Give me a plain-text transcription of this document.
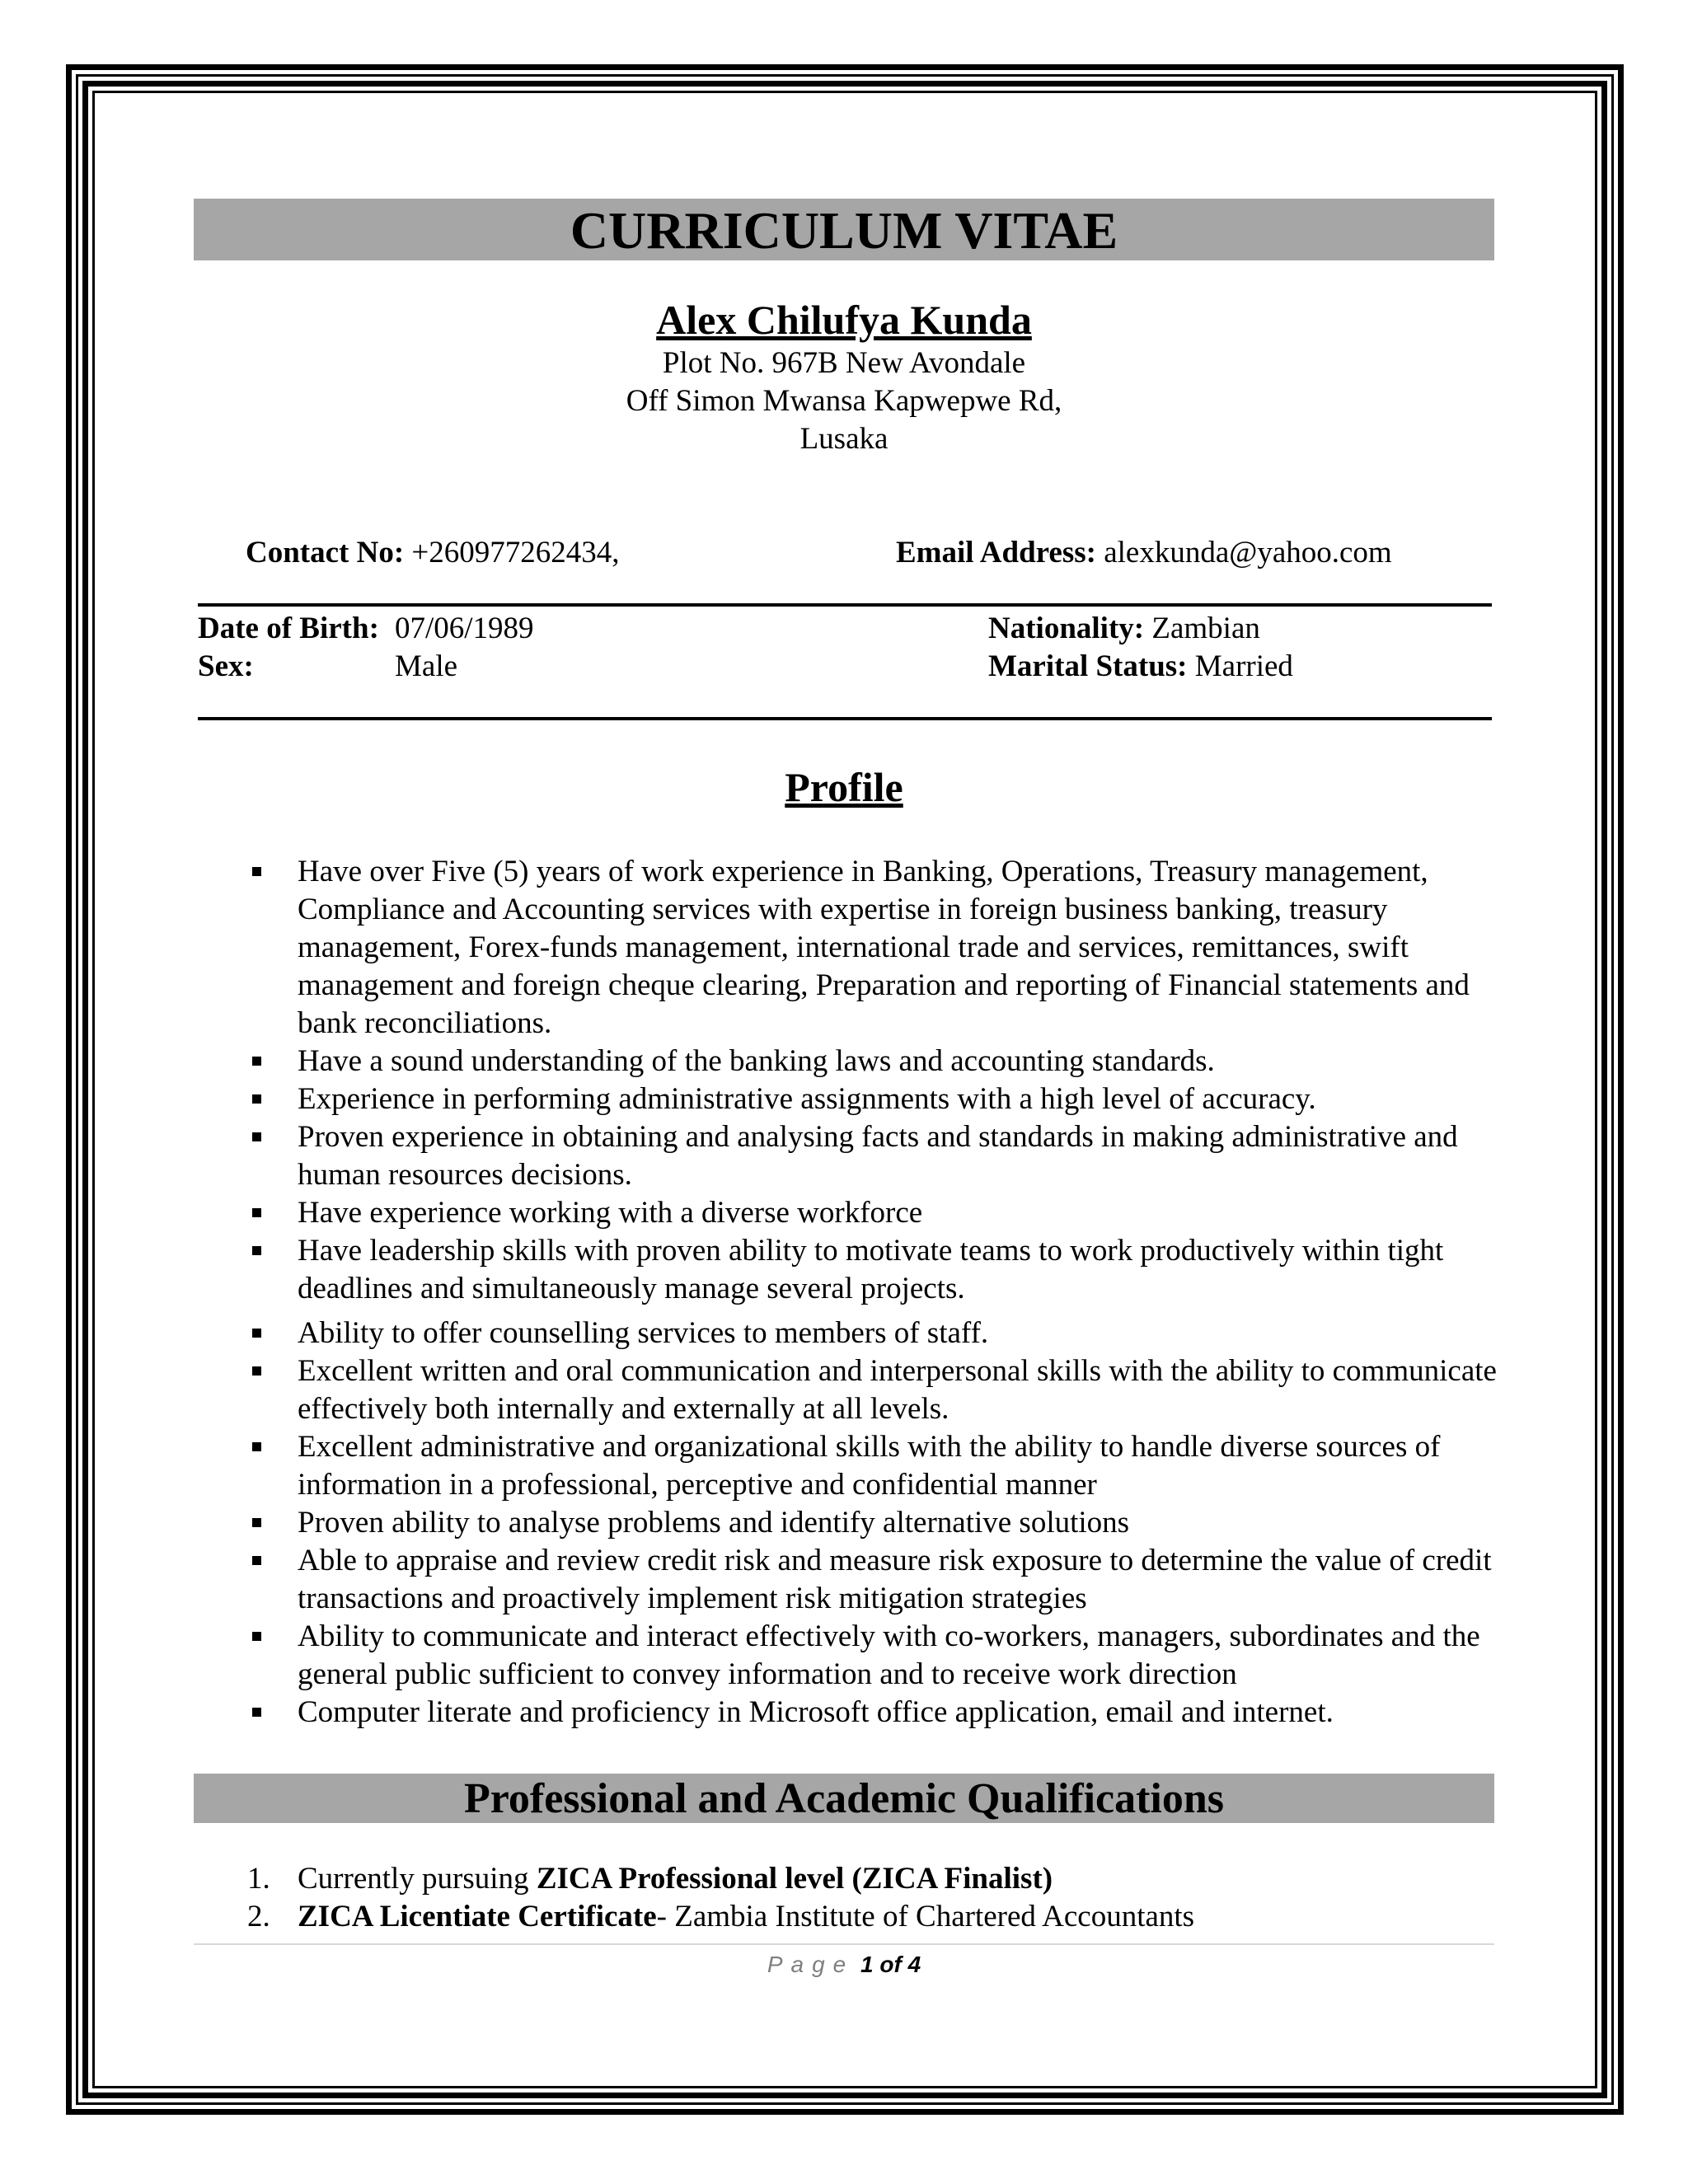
CURRICULUM VITAE
Alex Chilufya Kunda
Plot No. 967B New Avondale
Off Simon Mwansa Kapwepwe Rd,
Lusaka
Contact No: +260977262434,	Email Address: alexkunda@yahoo.com
Date of Birth: 07/06/1989
Sex:	Male
Nationality: Zambian
Marital Status: Married
Profile
Have over Five (5) years of work experience in Banking, Operations, Treasury management, Compliance and Accounting services with expertise in foreign business banking, treasury management, Forex-funds management, international trade and services, remittances, swift management and foreign cheque clearing, Preparation and reporting of Financial statements and bank reconciliations.
Have a sound understanding of the banking laws and accounting standards.
Experience in performing administrative assignments with a high level of accuracy.
Proven experience in obtaining and analysing facts and standards in making administrative and human resources decisions.
Have experience working with a diverse workforce
Have leadership skills with proven ability to motivate teams to work productively within tight deadlines and simultaneously manage several projects.
Ability to offer counselling services to members of staff.
Excellent written and oral communication and interpersonal skills with the ability to communicate effectively both internally and externally at all levels.
Excellent administrative and organizational skills with the ability to handle diverse sources of information in a professional, perceptive and confidential manner
Proven ability to analyse problems and identify alternative solutions
Able to appraise and review credit risk and measure risk exposure to determine the value of credit transactions and proactively implement risk mitigation strategies
Ability to communicate and interact effectively with co-workers, managers, subordinates and the general public sufficient to convey information and to receive work direction
Computer literate and proficiency in Microsoft office application, email and internet.
Professional and Academic Qualifications
1. Currently pursuing ZICA Professional level (ZICA Finalist)
2. ZICA Licentiate Certificate- Zambia Institute of Chartered Accountants
Page 1 of 4
